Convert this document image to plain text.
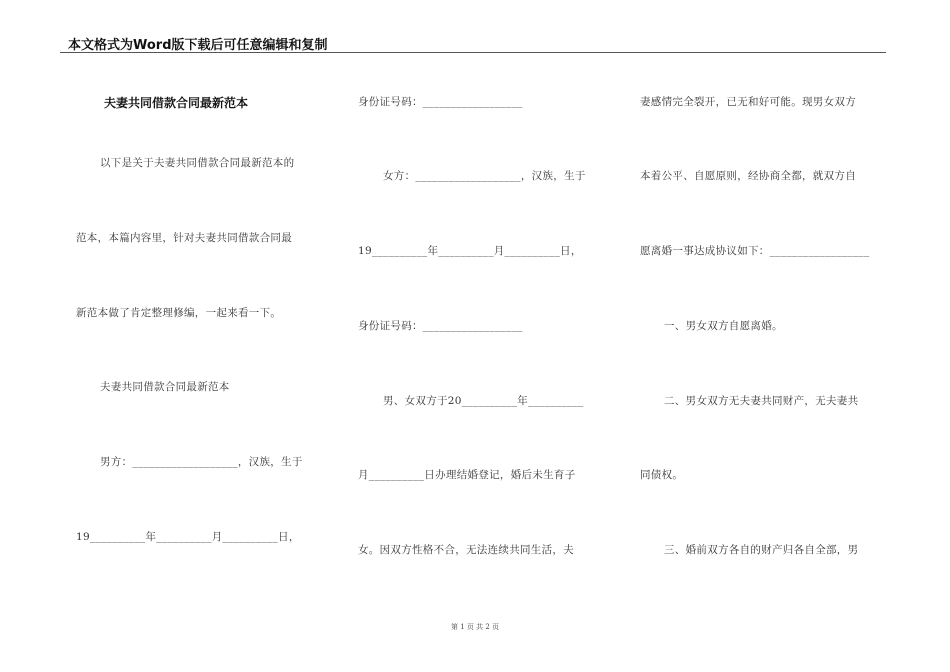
本文格式为Word版下载后可任意编辑和复制
夫妻共同借款合同最新范本
以下是关于夫妻共同借款合同最新范本的
范本，本篇内容里，针对夫妻共同借款合同最
新范本做了肯定整理修编，一起来看一下。
夫妻共同借款合同最新范本
男方：___________________，汉族，生于
19__________年__________月__________日，
身份证号码：__________________
女方：___________________，汉族，生于
19__________年__________月__________日，
身份证号码：__________________
男、女双方于20__________年__________
月__________日办理结婚登记，婚后未生育子
女。因双方性格不合，无法连续共同生活，夫
妻感情完全裂开，已无和好可能。现男女双方
本着公平、自愿原则，经协商全都，就双方自
愿离婚一事达成协议如下：__________________
一、男女双方自愿离婚。
二、男女双方无夫妻共同财产，无夫妻共
同债权。
三、婚前双方各自的财产归各自全部，男
第 1 页 共 2 页
